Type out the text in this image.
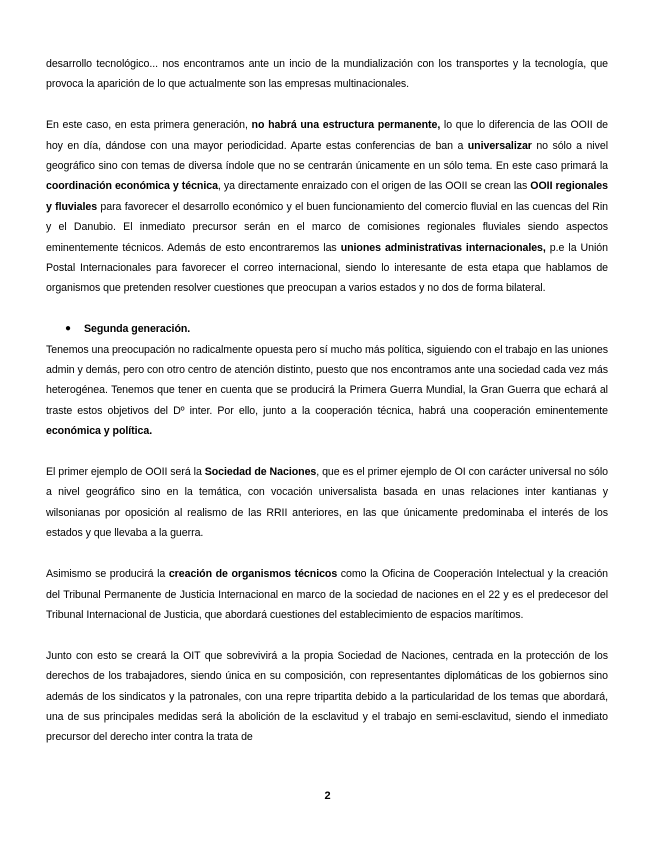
desarrollo tecnológico... nos encontramos ante un incio de la mundialización con los transportes y la tecnología, que provoca la aparición de lo que actualmente son las empresas multinacionales.

En este caso, en esta primera generación, no habrá una estructura permanente, lo que lo diferencia de las OOII de hoy en día, dándose con una mayor periodicidad. Aparte estas conferencias de ban a universalizar no sólo a nivel geográfico sino con temas de diversa índole que no se centrarán únicamente en un sólo tema. En este caso primará la coordinación económica y técnica, ya directamente enraizado con el origen de las OOII se crean las OOII regionales y fluviales para favorecer el desarrollo económico y el buen funcionamiento del comercio fluvial en las cuencas del Rin y el Danubio. El inmediato precursor serán en el marco de comisiones regionales fluviales siendo aspectos eminentemente técnicos. Además de esto encontraremos las uniones administrativas internacionales, p.e la Unión Postal Internacionales para favorecer el correo internacional, siendo lo interesante de esta etapa que hablamos de organismos que pretenden resolver cuestiones que preocupan a varios estados y no dos de forma bilateral.

● Segunda generación.

Tenemos una preocupación no radicalmente opuesta pero sí mucho más política, siguiendo con el trabajo en las uniones admin y demás, pero con otro centro de atención distinto, puesto que nos encontramos ante una sociedad cada vez más heterogénea. Tenemos que tener en cuenta que se producirá la Primera Guerra Mundial, la Gran Guerra que echará al traste estos objetivos del Dº inter. Por ello, junto a la cooperación técnica, habrá una cooperación eminentemente económica y política.

El primer ejemplo de OOII será la Sociedad de Naciones, que es el primer ejemplo de OI con carácter universal no sólo a nivel geográfico sino en la temática, con vocación universalista basada en unas relaciones inter kantianas y wilsonianas por oposición al realismo de las RRII anteriores, en las que únicamente predominaba el interés de los estados y que llevaba a la guerra.

Asimismo se producirá la creación de organismos técnicos como la Oficina de Cooperación Intelectual y la creación del Tribunal Permanente de Justicia Internacional en marco de la sociedad de naciones en el 22 y es el predecesor del Tribunal Internacional de Justicia, que abordará cuestiones del establecimiento de espacios marítimos.

Junto con esto se creará la OIT que sobrevivirá a la propia Sociedad de Naciones, centrada en la protección de los derechos de los trabajadores, siendo única en su composición, con representantes diplomáticas de los gobiernos sino además de los sindicatos y la patronales, con una repre tripartita debido a la particularidad de los temas que abordará, una de sus principales medidas será la abolición de la esclavitud y el trabajo en semi-esclavitud, siendo el inmediato precursor del derecho inter contra la trata de

2
